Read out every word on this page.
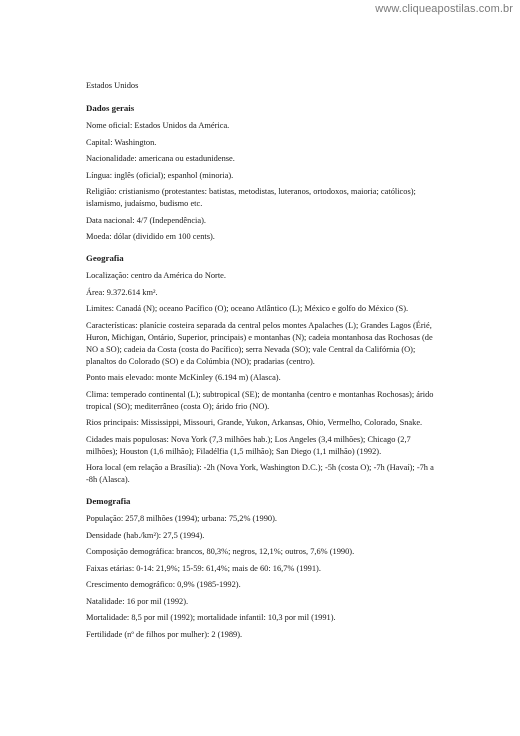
www.cliqueapostilas.com.br
Estados Unidos
Dados gerais
Nome oficial: Estados Unidos da América.
Capital: Washington.
Nacionalidade: americana ou estadunidense.
Língua: inglês (oficial); espanhol (minoria).
Religião: cristianismo (protestantes: batistas, metodistas, luteranos, ortodoxos, maioria; católicos); islamismo, judaísmo, budismo etc.
Data nacional: 4/7 (Independência).
Moeda: dólar (dividido em 100 cents).
Geografia
Localização: centro da América do Norte.
Área: 9.372.614 km².
Limites: Canadá (N); oceano Pacífico (O); oceano Atlântico (L); México e golfo do México (S).
Características: planície costeira separada da central pelos montes Apalaches (L); Grandes Lagos (Érié, Huron, Michigan, Ontário, Superior, principais) e montanhas (N); cadeia montanhosa das Rochosas (de NO a SO); cadeia da Costa (costa do Pacífico); serra Nevada (SO); vale Central da Califórnia (O); planaltos do Colorado (SO) e da Colúmbia (NO); pradarias (centro).
Ponto mais elevado: monte McKinley (6.194 m) (Alasca).
Clima: temperado continental (L); subtropical (SE); de montanha (centro e montanhas Rochosas); árido tropical (SO); mediterrâneo (costa O); árido frio (NO).
Rios principais: Mississippi, Missouri, Grande, Yukon, Arkansas, Ohio, Vermelho, Colorado, Snake.
Cidades mais populosas: Nova York (7,3 milhões hab.); Los Angeles (3,4 milhões); Chicago (2,7 milhões); Houston (1,6 milhão); Filadélfia (1,5 milhão); San Diego (1,1 milhão) (1992).
Hora local (em relação a Brasília): -2h (Nova York, Washington D.C.); -5h (costa O); -7h (Havaí); -7h a -8h (Alasca).
Demografia
População: 257,8 milhões (1994); urbana: 75,2% (1990).
Densidade (hab./km²): 27,5 (1994).
Composição demográfica: brancos, 80,3%; negros, 12,1%; outros, 7,6% (1990).
Faixas etárias: 0-14: 21,9%; 15-59: 61,4%; mais de 60: 16,7% (1991).
Crescimento demográfico: 0,9% (1985-1992).
Natalidade: 16 por mil (1992).
Mortalidade: 8,5 por mil (1992); mortalidade infantil: 10,3 por mil (1991).
Fertilidade (nº de filhos por mulher): 2 (1989).
